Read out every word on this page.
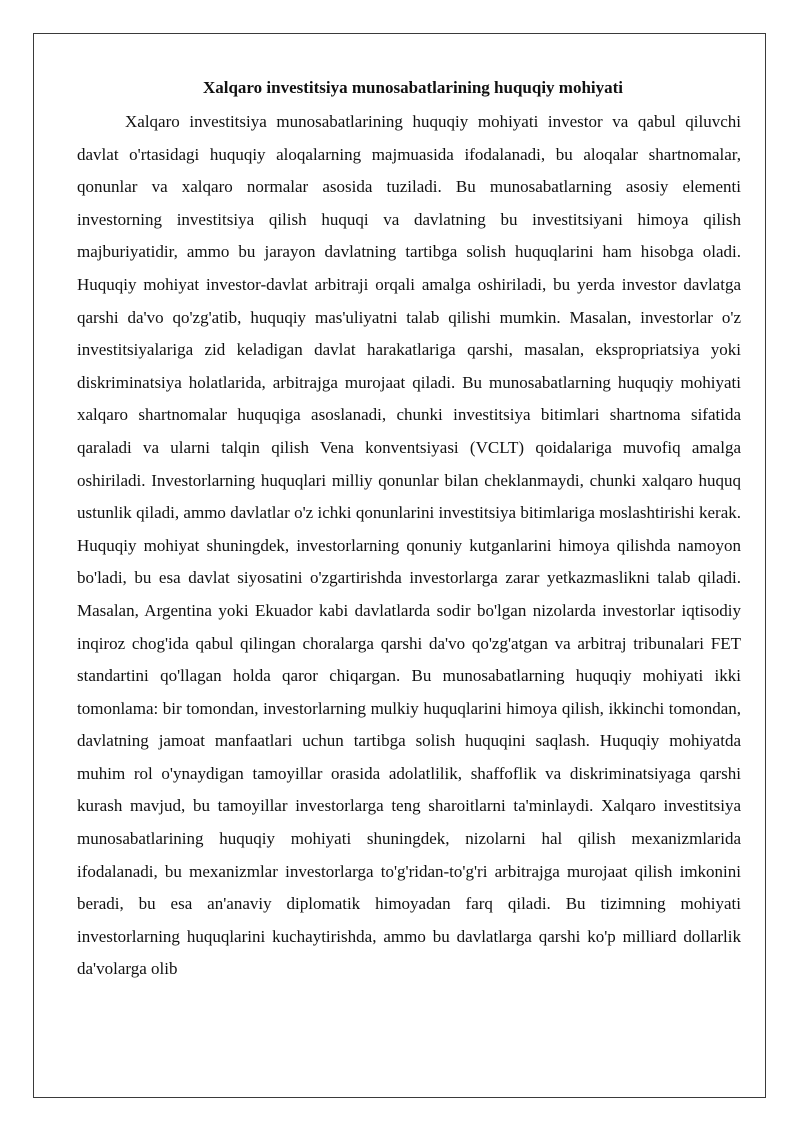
Xalqaro investitsiya munosabatlarining huquqiy mohiyati

Xalqaro investitsiya munosabatlarining huquqiy mohiyati investor va qabul qiluvchi davlat o'rtasidagi huquqiy aloqalarning majmuasida ifodalanadi, bu aloqalar shartnomalar, qonunlar va xalqaro normalar asosida tuziladi. Bu munosabatlarning asosiy elementi investorning investitsiya qilish huquqi va davlatning bu investitsiyani himoya qilish majburiyatidir, ammo bu jarayon davlatning tartibga solish huquqlarini ham hisobga oladi. Huquqiy mohiyat investor-davlat arbitraji orqali amalga oshiriladi, bu yerda investor davlatga qarshi da'vo qo'zg'atib, huquqiy mas'uliyatni talab qilishi mumkin. Masalan, investorlar o'z investitsiyalariga zid keladigan davlat harakatlariga qarshi, masalan, ekspropriatsiya yoki diskriminatsiya holatlarida, arbitrajga murojaat qiladi. Bu munosabatlarning huquqiy mohiyati xalqaro shartnomalar huquqiga asoslanadi, chunki investitsiya bitimlari shartnoma sifatida qaraladi va ularni talqin qilish Vena konventsiyasi (VCLT) qoidalariga muvofiq amalga oshiriladi. Investorlarning huquqlari milliy qonunlar bilan cheklanmaydi, chunki xalqaro huquq ustunlik qiladi, ammo davlatlar o'z ichki qonunlarini investitsiya bitimlariga moslashtirishi kerak. Huquqiy mohiyat shuningdek, investorlarning qonuniy kutganlarini himoya qilishda namoyon bo'ladi, bu esa davlat siyosatini o'zgartirishda investorlarga zarar yetkazmaslikni talab qiladi. Masalan, Argentina yoki Ekuador kabi davlatlarda sodir bo'lgan nizolarda investorlar iqtisodiy inqiroz chog'ida qabul qilingan choralarga qarshi da'vo qo'zg'atgan va arbitraj tribunalari FET standartini qo'llagan holda qaror chiqargan. Bu munosabatlarning huquqiy mohiyati ikki tomonlama: bir tomondan, investorlarning mulkiy huquqlarini himoya qilish, ikkinchi tomondan, davlatning jamoat manfaatlari uchun tartibga solish huquqini saqlash. Huquqiy mohiyatda muhim rol o'ynaydigan tamoyillar orasida adolatlilik, shaffoflik va diskriminatsiyaga qarshi kurash mavjud, bu tamoyillar investorlarga teng sharoitlarni ta'minlaydi. Xalqaro investitsiya munosabatlarining huquqiy mohiyati shuningdek, nizolarni hal qilish mexanizmlarida ifodalanadi, bu mexanizmlar investorlarga to'g'ridan-to'g'ri arbitrajga murojaat qilish imkonini beradi, bu esa an'anaviy diplomatik himoyadan farq qiladi. Bu tizimning mohiyati investorlarning huquqlarini kuchaytirishda, ammo bu davlatlarga qarshi ko'p milliard dollarlik da'volarga olib
